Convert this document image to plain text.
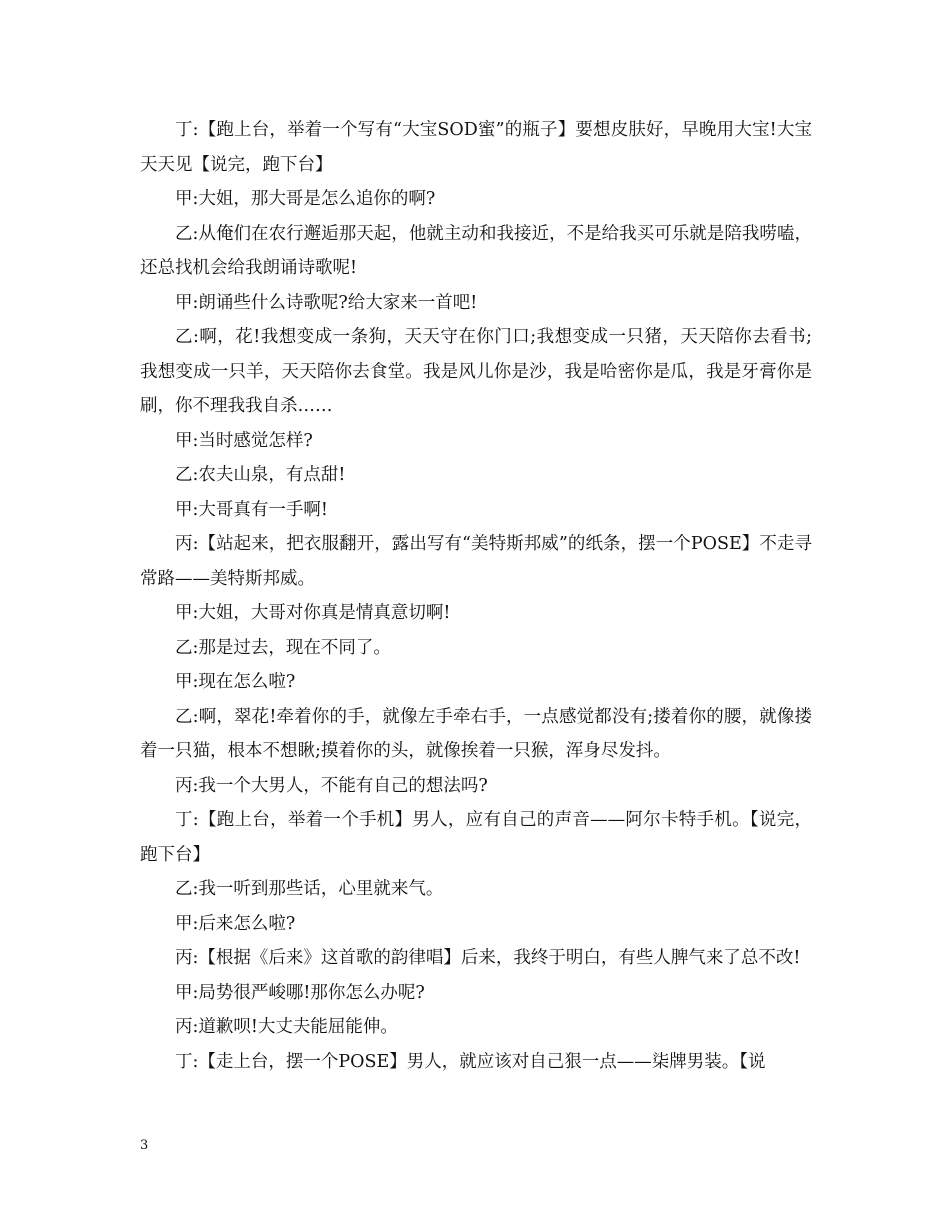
丁:【跑上台，举着一个写有“大宝SOD蜜”的瓶子】要想皮肤好，早晚用大宝!大宝天天见【说完，跑下台】

甲:大姐，那大哥是怎么追你的啊?

乙:从俺们在农行邂逅那天起，他就主动和我接近，不是给我买可乐就是陪我唠嗑，还总找机会给我朗诵诗歌呢!

甲:朗诵些什么诗歌呢?给大家来一首吧!

乙:啊，花!我想变成一条狗，天天守在你门口;我想变成一只猪，天天陪你去看书;我想变成一只羊，天天陪你去食堂。我是风儿你是沙，我是哈密你是瓜，我是牙膏你是刷，你不理我我自杀……

甲:当时感觉怎样?

乙:农夫山泉，有点甜!

甲:大哥真有一手啊!

丙:【站起来，把衣服翻开，露出写有“美特斯邦威”的纸条，摆一个POSE】不走寻常路——美特斯邦威。

甲:大姐，大哥对你真是情真意切啊!

乙:那是过去，现在不同了。

甲:现在怎么啦?

乙:啊，翠花!牵着你的手，就像左手牵右手，一点感觉都没有;搂着你的腰，就像搂着一只猫，根本不想瞅;摸着你的头，就像挨着一只猴，浑身尽发抖。

丙:我一个大男人，不能有自己的想法吗?

丁:【跑上台，举着一个手机】男人，应有自己的声音——阿尔卡特手机。【说完，跑下台】

乙:我一听到那些话，心里就来气。

甲:后来怎么啦?

丙:【根据《后来》这首歌的韵律唱】后来，我终于明白，有些人脾气来了总不改!

甲:局势很严峻哪!那你怎么办呢?

丙:道歉呗!大丈夫能屈能伸。

丁:【走上台，摆一个POSE】男人，就应该对自己狠一点——柒牌男装。【说

3
